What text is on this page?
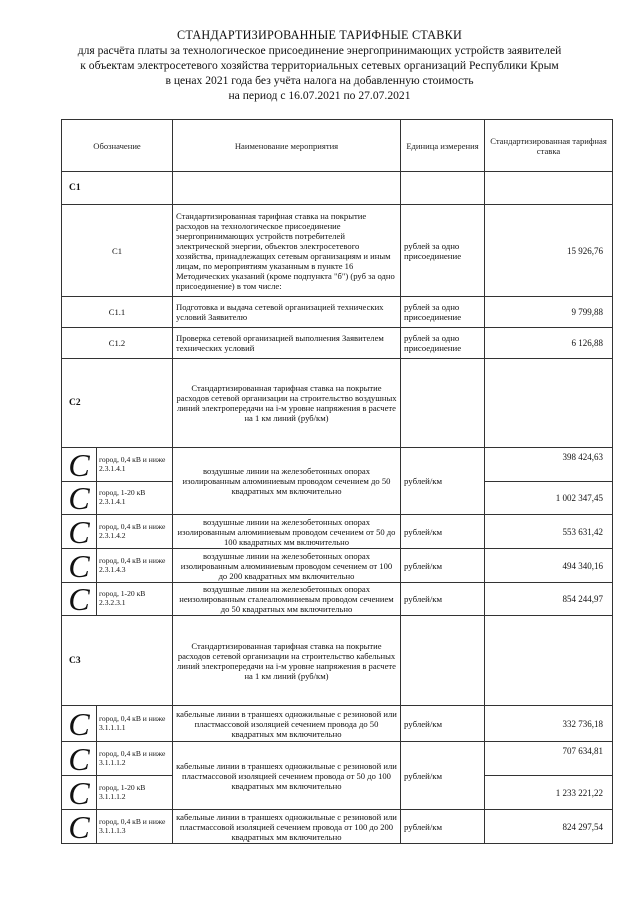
СТАНДАРТИЗИРОВАННЫЕ ТАРИФНЫЕ СТАВКИ
для расчёта платы за технологическое присоединение энергопринимающих устройств заявителей
к объектам электросетевого хозяйства территориальных сетевых организаций Республики Крым
в ценах 2021 года без учёта налога на добавленную стоимость
на период с 16.07.2021 по 27.07.2021
Обозначение		Наименование мероприятия	Единица измерения	Стандартизированная тарифная ставка
С1				
С1		Стандартизированная тарифная ставка на покрытие расходов на технологическое присоединение энергопринимающих устройств потребителей электрической энергии, объектов электросетевого хозяйства, принадлежащих сетевым организациям и иным лицам, по мероприятиям указанным в пункте 16 Методических указаний (кроме подпункта "б") (руб за одно присоединение) в том числе:	рублей за одно присоединение	15 926,76
С1.1		Подготовка и выдача сетевой организацией технических условий Заявителю	рублей за одно присоединение	9 799,88
С1.2		Проверка сетевой организацией выполнения Заявителем технических условий	рублей за одно присоединение	6 126,88
С2		Стандартизированная тарифная ставка на покрытие расходов сетевой организации на строительство воздушных линий электропередачи на i-м уровне напряжения в расчете на 1 км линий (руб/км)		
C	город, 0,4 кВ и ниже 2.3.1.4.1	воздушные линии на железобетонных опорах изолированным алюминиевым проводом сечением до 50 квадратных мм включительно	рублей/км	398 424,63
C	город, 1-20 кВ 2.3.1.4.1			1 002 347,45
C	город, 0,4 кВ и ниже 2.3.1.4.2	воздушные линии на железобетонных опорах изолированным алюминиевым проводом сечением от 50 до 100 квадратных мм включительно	рублей/км	553 631,42
C	город, 0,4 кВ и ниже 2.3.1.4.3	воздушные линии на железобетонных опорах изолированным алюминиевым проводом сечением от 100 до 200 квадратных мм включительно	рублей/км	494 340,16
C	город, 1-20 кВ 2.3.2.3.1	воздушные линии на железобетонных опорах неизолированным сталеалюминиевым проводом сечением до 50 квадратных мм включительно	рублей/км	854 244,97
С3		Стандартизированная тарифная ставка на покрытие расходов сетевой организации на строительство кабельных линий электропередачи на i-м уровне напряжения в расчете на 1 км линий (руб/км)		
C	город, 0,4 кВ и ниже 3.1.1.1.1	кабельные линии в траншеях одножильные с резиновой или пластмассовой изоляцией сечением провода до 50 квадратных мм включительно	рублей/км	332 736,18
C	город, 0,4 кВ и ниже 3.1.1.1.2	кабельные линии в траншеях одножильные с резиновой или пластмассовой изоляцией сечением провода от 50 до 100 квадратных мм включительно	рублей/км	707 634,81
C	город, 1-20 кВ 3.1.1.1.2			1 233 221,22
C	город, 0,4 кВ и ниже 3.1.1.1.3	кабельные линии в траншеях одножильные с резиновой или пластмассовой изоляцией сечением провода от 100 до 200 квадратных мм включительно	рублей/км	824 297,54
